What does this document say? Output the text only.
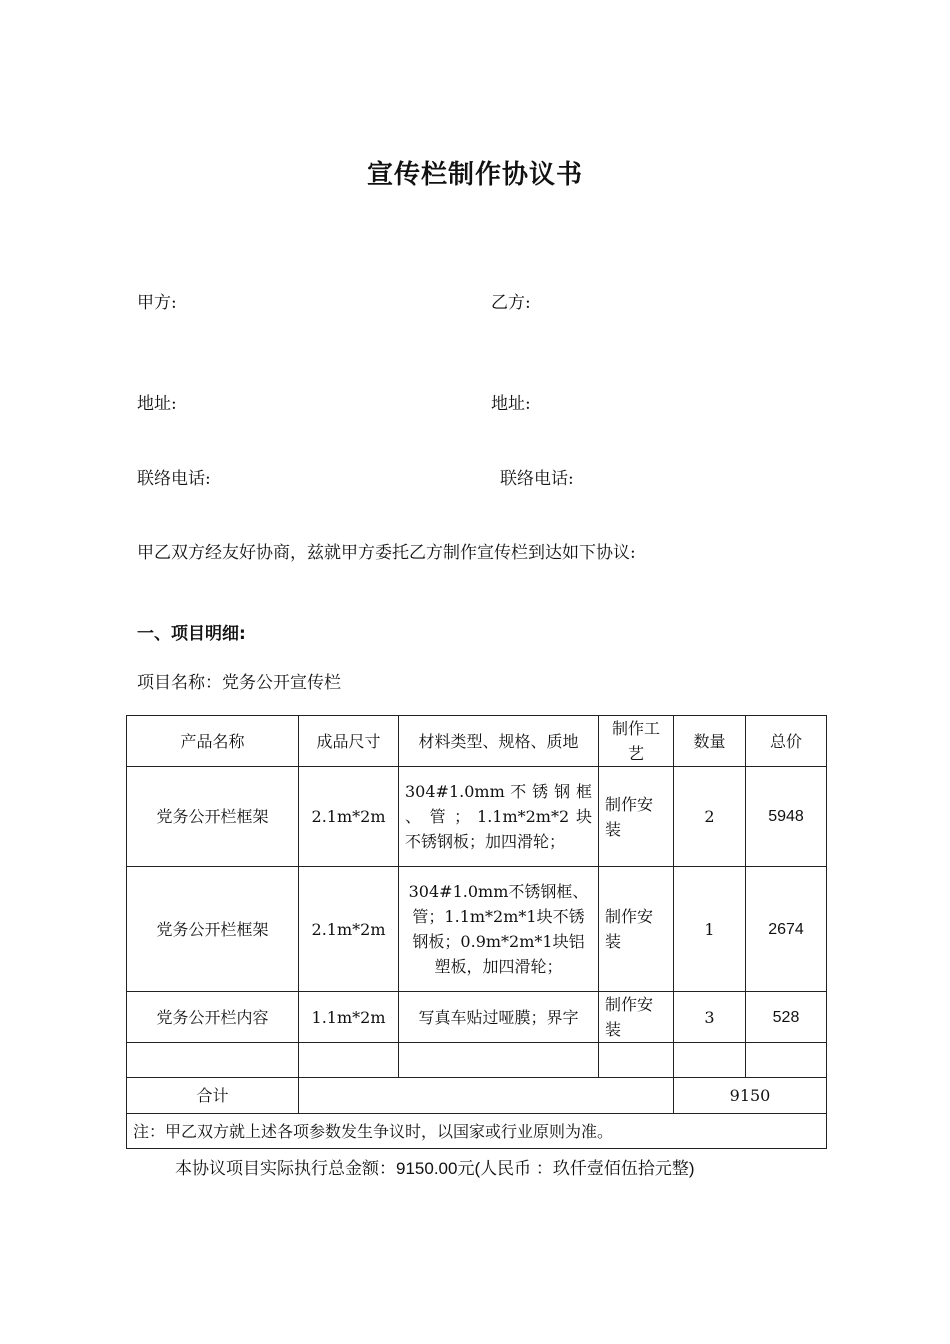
宣传栏制作协议书
甲方:	乙方:
地址:	地址:
联络电话:	联络电话:
甲乙双方经友好协商，兹就甲方委托乙方制作宣传栏到达如下协议:
一、项目明细:
项目名称：党务公开宣传栏
产品名称	成品尺寸	材料类型、规格、质地	制作工艺	数量	总价
党务公开栏框架	2.1m*2m	304#1.0mm 不 锈 钢 框 、 管 ； 1.1m*2m*2 块不锈钢板；加四滑轮；	制作安装	2	5948
党务公开栏框架	2.1m*2m	304#1.0mm不锈钢框、管；1.1m*2m*1块不锈钢板；0.9m*2m*1块铝塑板，加四滑轮；	制作安装	1	2674
党务公开栏内容	1.1m*2m	写真车贴过哑膜；界字	制作安装	3	528

合计				9150	
注：甲乙双方就上述各项参数发生争议时，以国家或行业原则为准。					
本协议项目实际执行总金额：9150.00元(人民币 ：玖仟壹佰伍拾元整)
